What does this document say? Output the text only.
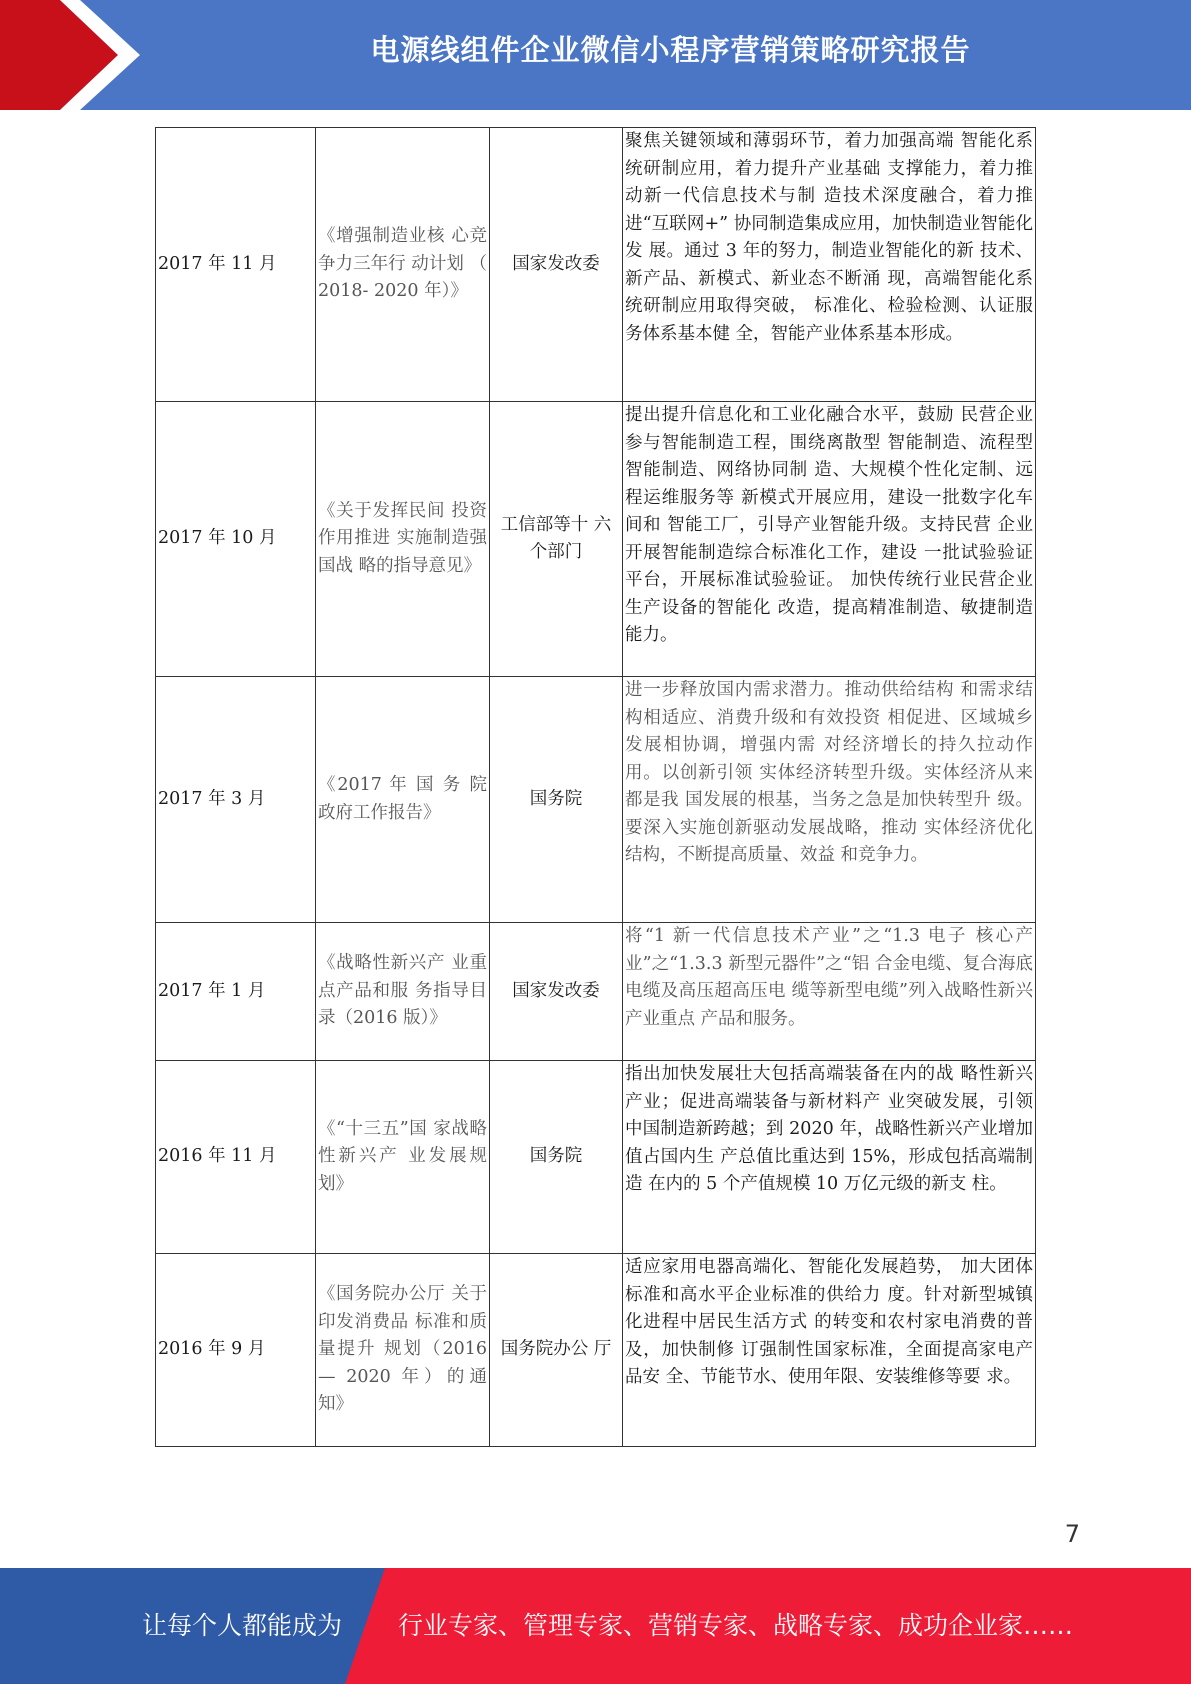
电源线组件企业微信小程序营销策略研究报告
2017 年 11 月	《增强制造业核 心竞争力三年行 动计划 （ 2018- 2020 年）》	国家发改委	聚焦关键领域和薄弱环节，着力加强高端 智能化系统研制应用，着力提升产业基础 支撑能力，着力推动新一代信息技术与制 造技术深度融合，着力推进“互联网+” 协同制造集成应用，加快制造业智能化发 展。通过 3 年的努力，制造业智能化的新 技术、新产品、新模式、新业态不断涌 现，高端智能化系统研制应用取得突破， 标准化、检验检测、认证服务体系基本健 全，智能产业体系基本形成。
2017 年 10 月	《关于发挥民间 投资作用推进 实施制造强国战 略的指导意见》	工信部等十 六个部门	提出提升信息化和工业化融合水平，鼓励 民营企业参与智能制造工程，围绕离散型 智能制造、流程型智能制造、网络协同制 造、大规模个性化定制、远程运维服务等 新模式开展应用，建设一批数字化车间和 智能工厂，引导产业智能升级。支持民营 企业开展智能制造综合标准化工作，建设 一批试验验证平台，开展标准试验验证。 加快传统行业民营企业生产设备的智能化 改造，提高精准制造、敏捷制造能力。
2017 年 3 月	《2017 年 国 务 院 政府工作报告》	国务院	进一步释放国内需求潜力。推动供给结构 和需求结构相适应、消费升级和有效投资 相促进、区域城乡发展相协调，增强内需 对经济增长的持久拉动作用。以创新引领 实体经济转型升级。实体经济从来都是我 国发展的根基，当务之急是加快转型升 级。要深入实施创新驱动发展战略，推动 实体经济优化结构，不断提高质量、效益 和竞争力。
2017 年 1 月	《战略性新兴产 业重点产品和服 务指导目录（2016 版）》	国家发改委	将“1 新一代信息技术产业”之“1.3 电子 核心产业”之“1.3.3 新型元器件”之“铝 合金电缆、复合海底电缆及高压超高压电 缆等新型电缆”列入战略性新兴产业重点 产品和服务。
2016 年 11 月	《“十三五”国 家战略性新兴产 业发展规划》	国务院	指出加快发展壮大包括高端装备在内的战 略性新兴产业；促进高端装备与新材料产 业突破发展，引领中国制造新跨越；到 2020 年，战略性新兴产业增加值占国内生 产总值比重达到 15%，形成包括高端制造 在内的 5 个产值规模 10 万亿元级的新支 柱。
2016 年 9 月	《国务院办公厅 关于印发消费品 标准和质量提升 规划（2016— 2020 年）的通 知》	国务院办公 厅	适应家用电器高端化、智能化发展趋势， 加大团体标准和高水平企业标准的供给力 度。针对新型城镇化进程中居民生活方式 的转变和农村家电消费的普及，加快制修 订强制性国家标准，全面提高家电产品安 全、节能节水、使用年限、安装维修等要 求。
7
让每个人都能成为 行业专家、管理专家、营销专家、战略专家、成功企业家……
